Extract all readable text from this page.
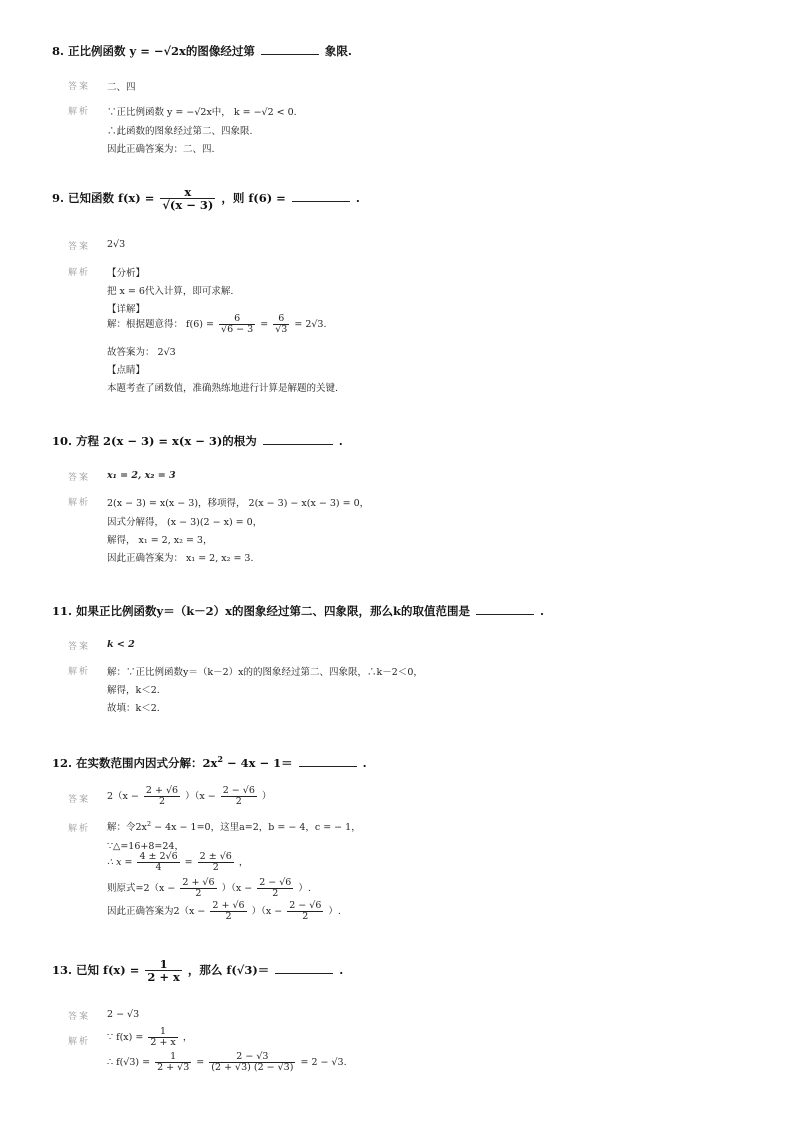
8. 正比例函数 y = −√2x的图像经过第	象限.
答案 二、四
解析 ∵正比例函数 y = −√2x中， k = −√2 < 0.
∴此函数的图象经过第二、四象限.
因此正确答案为：二、四.
9. 已知函数 $f(x) = \frac{x}{√(x - 3)}$ ，则 f(6) =	.
答案 2√3
解析 【分析】
把 x = 6代入计算，即可求解.
【详解】
解：根据题意得： $f(6) = \frac{6}{√6 - 3} = \frac{6}{√3} = 2√3$.
故答案为： 2√3
【点睛】
本题考查了函数值，准确熟练地进行计算是解题的关键.
10. 方程 2(x − 3) = x(x − 3)的根为	.
答案 x₁ = 2, x₂ = 3
解析 2(x − 3) = x(x − 3)，移项得， 2(x − 3) − x(x − 3) = 0，
因式分解得， (x − 3)(2 − x) = 0，
解得， x₁ = 2, x₂ = 3，
因此正确答案为： x₁ = 2, x₂ = 3.
11. 如果正比例函数y＝（k－2）x的图象经过第二、四象限，那么k的取值范围是	.
答案 k < 2
解析 解：∵正比例函数y＝（k－2）x的的图象经过第二、四象限，∴k－2＜0，
解得，k＜2.
故填：k＜2.
12. 在实数范围内因式分解：$2x^2 - 4x - 1=$	.
答案 $2(x - \frac{2 + √6}{2} )(x - \frac{2 - √6}{2}$ ）
解析 解：令$2x^2 - 4x - 1=0$，这里a=2，b = − 4，c = − 1，
∵△=16+8=24，
∴ $x = \frac{4 \pm 2√6}{4} = \frac{2 \pm √6}{2}$ ，
则原式$=2(x - \frac{2 + √6}{2} )(x - \frac{2 - √6}{2}$ ）.
因此正确答案为$2(x - \frac{2 + √6}{2} )(x - \frac{2 - √6}{2}$ ）.
13. 已知 $f(x) = \frac{1}{2 + x}$ ，那么 f(√3)＝	.
答案 2 − √3
解析 ∵ $f(x) = \frac{1}{2 + x}$ ，
∴ $f(√3) = \frac{1}{2 + √3} = \frac{2 - √3}{(2 + √3) (2 - √3)} = 2 - √3$.
